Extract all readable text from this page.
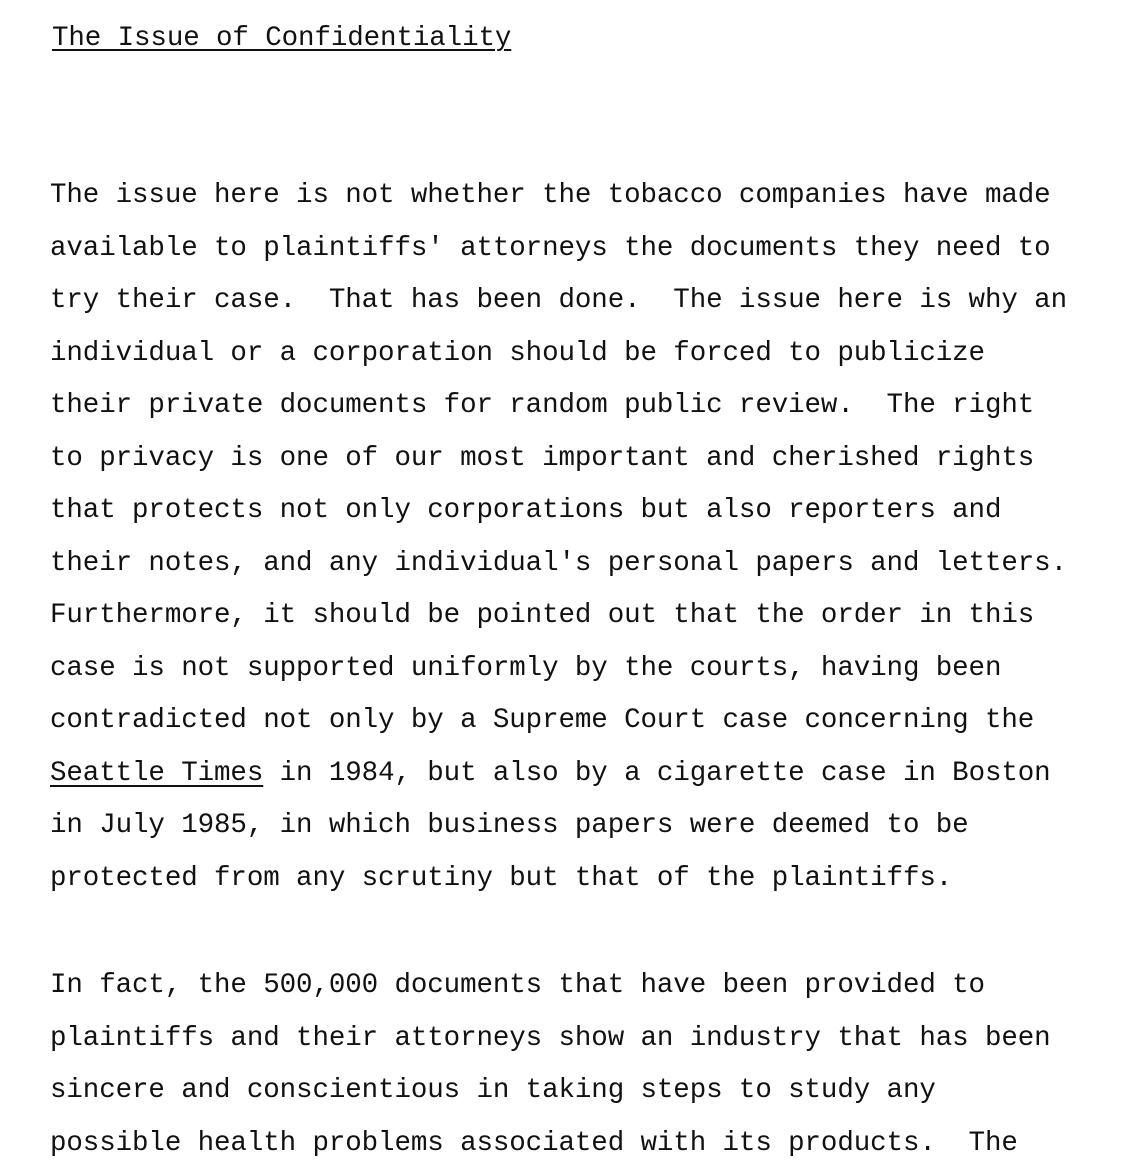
The Issue of Confidentiality
The issue here is not whether the tobacco companies have made
available to plaintiffs' attorneys the documents they need to
try their case.  That has been done.  The issue here is why an
individual or a corporation should be forced to publicize
their private documents for random public review.  The right
to privacy is one of our most important and cherished rights
that protects not only corporations but also reporters and
their notes, and any individual's personal papers and letters.
Furthermore, it should be pointed out that the order in this
case is not supported uniformly by the courts, having been
contradicted not only by a Supreme Court case concerning the
Seattle Times in 1984, but also by a cigarette case in Boston
in July 1985, in which business papers were deemed to be
protected from any scrutiny but that of the plaintiffs.
In fact, the 500,000 documents that have been provided to
plaintiffs and their attorneys show an industry that has been
sincere and conscientious in taking steps to study any
possible health problems associated with its products.  The
